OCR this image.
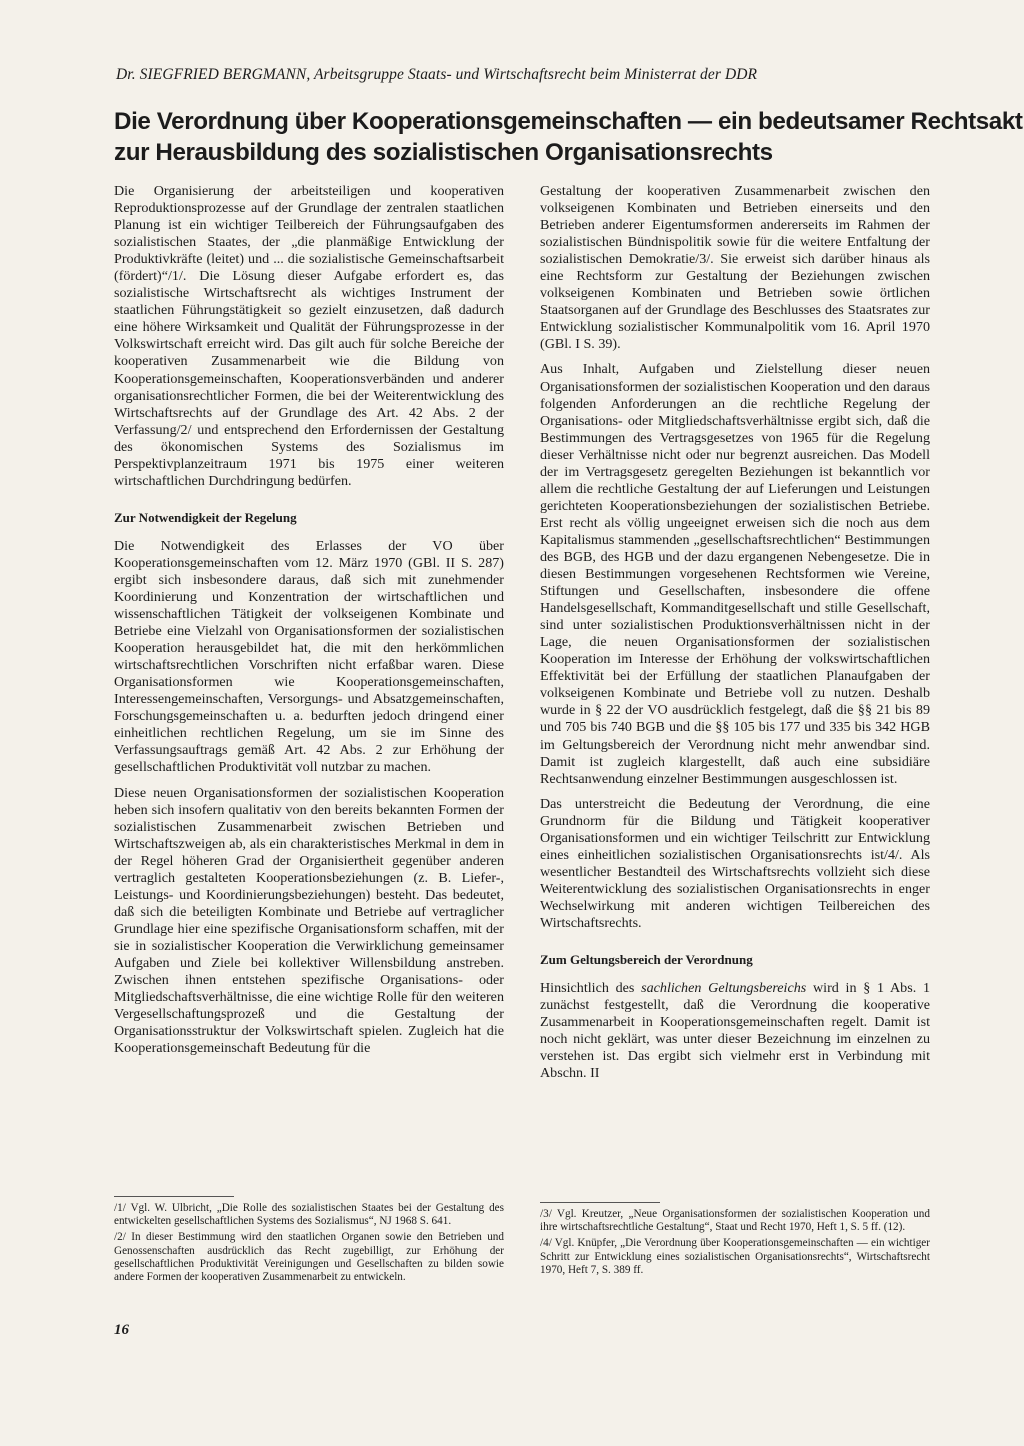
Dr. SIEGFRIED BERGMANN, Arbeitsgruppe Staats- und Wirtschaftsrecht beim Ministerrat der DDR
Die Verordnung über Kooperationsgemeinschaften — ein bedeutsamer Rechtsakt
zur Herausbildung des sozialistischen Organisationsrechts

Die Organisierung der arbeitsteiligen und kooperativen Reproduktionsprozesse auf der Grundlage der zentralen staatlichen Planung ist ein wichtiger Teilbereich der Führungsaufgaben des sozialistischen Staates, der „die planmäßige Entwicklung der Produktivkräfte (leitet) und ... die sozialistische Gemeinschaftsarbeit (fördert)“/1/. Die Lösung dieser Aufgabe erfordert es, das sozialistische Wirtschaftsrecht als wichtiges Instrument der staatlichen Führungstätigkeit so gezielt einzusetzen, daß dadurch eine höhere Wirksamkeit und Qualität der Führungsprozesse in der Volkswirtschaft erreicht wird. Das gilt auch für solche Bereiche der kooperativen Zusammenarbeit wie die Bildung von Kooperationsgemeinschaften, Kooperationsverbänden und anderer organisationsrechtlicher Formen, die bei der Weiterentwicklung des Wirtschaftsrechts auf der Grundlage des Art. 42 Abs. 2 der Verfassung/2/ und entsprechend den Erfordernissen der Gestaltung des ökonomischen Systems des Sozialismus im Perspektivplanzeitraum 1971 bis 1975 einer weiteren wirtschaftlichen Durchdringung bedürfen.

Zur Notwendigkeit der Regelung

Die Notwendigkeit des Erlasses der VO über Kooperationsgemeinschaften vom 12. März 1970 (GBl. II S. 287) ergibt sich insbesondere daraus, daß sich mit zunehmender Koordinierung und Konzentration der wirtschaftlichen und wissenschaftlichen Tätigkeit der volkseigenen Kombinate und Betriebe eine Vielzahl von Organisationsformen der sozialistischen Kooperation herausgebildet hat, die mit den herkömmlichen wirtschaftsrechtlichen Vorschriften nicht erfaßbar waren. Diese Organisationsformen wie Kooperationsgemeinschaften, Interessengemeinschaften, Versorgungs- und Absatzgemeinschaften, Forschungsgemeinschaften u. a. bedurften jedoch dringend einer einheitlichen rechtlichen Regelung, um sie im Sinne des Verfassungsauftrags gemäß Art. 42 Abs. 2 zur Erhöhung der gesellschaftlichen Produktivität voll nutzbar zu machen.

Diese neuen Organisationsformen der sozialistischen Kooperation heben sich insofern qualitativ von den bereits bekannten Formen der sozialistischen Zusammenarbeit zwischen Betrieben und Wirtschaftszweigen ab, als ein charakteristisches Merkmal in dem in der Regel höheren Grad der Organisiertheit gegenüber anderen vertraglich gestalteten Kooperationsbeziehungen (z. B. Liefer-, Leistungs- und Koordinierungsbeziehungen) besteht. Das bedeutet, daß sich die beteiligten Kombinate und Betriebe auf vertraglicher Grundlage hier eine spezifische Organisationsform schaffen, mit der sie in sozialistischer Kooperation die Verwirklichung gemeinsamer Aufgaben und Ziele bei kollektiver Willensbildung anstreben. Zwischen ihnen entstehen spezifische Organisations- oder Mitgliedschaftsverhältnisse, die eine wichtige Rolle für den weiteren Vergesellschaftungsprozeß und die Gestaltung der Organisationsstruktur der Volkswirtschaft spielen. Zugleich hat die Kooperationsgemeinschaft Bedeutung für die

Gestaltung der kooperativen Zusammenarbeit zwischen den volkseigenen Kombinaten und Betrieben einerseits und den Betrieben anderer Eigentumsformen andererseits im Rahmen der sozialistischen Bündnispolitik sowie für die weitere Entfaltung der sozialistischen Demokratie/3/. Sie erweist sich darüber hinaus als eine Rechtsform zur Gestaltung der Beziehungen zwischen volkseigenen Kombinaten und Betrieben sowie örtlichen Staatsorganen auf der Grundlage des Beschlusses des Staatsrates zur Entwicklung sozialistischer Kommunalpolitik vom 16. April 1970 (GBl. I S. 39).

Aus Inhalt, Aufgaben und Zielstellung dieser neuen Organisationsformen der sozialistischen Kooperation und den daraus folgenden Anforderungen an die rechtliche Regelung der Organisations- oder Mitgliedschaftsverhältnisse ergibt sich, daß die Bestimmungen des Vertragsgesetzes von 1965 für die Regelung dieser Verhältnisse nicht oder nur begrenzt ausreichen. Das Modell der im Vertragsgesetz geregelten Beziehungen ist bekanntlich vor allem die rechtliche Gestaltung der auf Lieferungen und Leistungen gerichteten Kooperationsbeziehungen der sozialistischen Betriebe. Erst recht als völlig ungeeignet erweisen sich die noch aus dem Kapitalismus stammenden „gesellschaftsrechtlichen“ Bestimmungen des BGB, des HGB und der dazu ergangenen Nebengesetze. Die in diesen Bestimmungen vorgesehenen Rechtsformen wie Vereine, Stiftungen und Gesellschaften, insbesondere die offene Handelsgesellschaft, Kommanditgesellschaft und stille Gesellschaft, sind unter sozialistischen Produktionsverhältnissen nicht in der Lage, die neuen Organisationsformen der sozialistischen Kooperation im Interesse der Erhöhung der volkswirtschaftlichen Effektivität bei der Erfüllung der staatlichen Planaufgaben der volkseigenen Kombinate und Betriebe voll zu nutzen. Deshalb wurde in § 22 der VO ausdrücklich festgelegt, daß die §§ 21 bis 89 und 705 bis 740 BGB und die §§ 105 bis 177 und 335 bis 342 HGB im Geltungsbereich der Verordnung nicht mehr anwendbar sind. Damit ist zugleich klargestellt, daß auch eine subsidiäre Rechtsanwendung einzelner Bestimmungen ausgeschlossen ist.

Das unterstreicht die Bedeutung der Verordnung, die eine Grundnorm für die Bildung und Tätigkeit kooperativer Organisationsformen und ein wichtiger Teilschritt zur Entwicklung eines einheitlichen sozialistischen Organisationsrechts ist/4/. Als wesentlicher Bestandteil des Wirtschaftsrechts vollzieht sich diese Weiterentwicklung des sozialistischen Organisationsrechts in enger Wechselwirkung mit anderen wichtigen Teilbereichen des Wirtschaftsrechts.

Zum Geltungsbereich der Verordnung

Hinsichtlich des sachlichen Geltungsbereichs wird in § 1 Abs. 1 zunächst festgestellt, daß die Verordnung die kooperative Zusammenarbeit in Kooperationsgemeinschaften regelt. Damit ist noch nicht geklärt, was unter dieser Bezeichnung im einzelnen zu verstehen ist. Das ergibt sich vielmehr erst in Verbindung mit Abschn. II

/1/ Vgl. W. Ulbricht, „Die Rolle des sozialistischen Staates bei der Gestaltung des entwickelten gesellschaftlichen Systems des Sozialismus“, NJ 1968 S. 641.

/2/ In dieser Bestimmung wird den staatlichen Organen sowie den Betrieben und Genossenschaften ausdrücklich das Recht zugebilligt, zur Erhöhung der gesellschaftlichen Produktivität Vereinigungen und Gesellschaften zu bilden sowie andere Formen der kooperativen Zusammenarbeit zu entwickeln.

/3/ Vgl. Kreutzer, „Neue Organisationsformen der sozialistischen Kooperation und ihre wirtschaftsrechtliche Gestaltung“, Staat und Recht 1970, Heft 1, S. 5 ff. (12).

/4/ Vgl. Knüpfer, „Die Verordnung über Kooperationsgemeinschaften — ein wichtiger Schritt zur Entwicklung eines sozialistischen Organisationsrechts“, Wirtschaftsrecht 1970, Heft 7, S. 389 ff.

16
